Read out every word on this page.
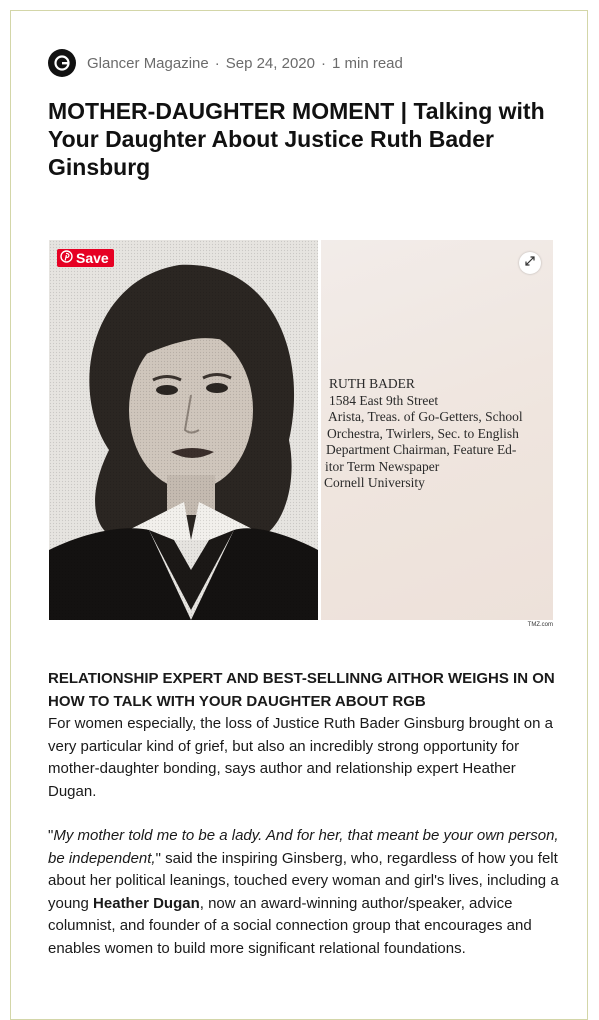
Glancer Magazine · Sep 24, 2020 · 1 min read
MOTHER-DAUGHTER MOMENT | Talking with Your Daughter About Justice Ruth Bader Ginsburg
Save
RUTH BADER
1584 East 9th Street
Arista, Treas. of Go-Getters, School
Orchestra, Twirlers, Sec. to English
Department Chairman, Feature Ed-
itor Term Newspaper
Cornell University
TMZ.com

RELATIONSHIP EXPERT AND BEST-SELLINNG AITHOR WEIGHS IN ON HOW TO TALK WITH YOUR DAUGHTER ABOUT RGB

For women especially, the loss of Justice Ruth Bader Ginsburg brought on a very particular kind of grief, but also an incredibly strong opportunity for mother-daughter bonding, says author and relationship expert Heather Dugan.

"My mother told me to be a lady. And for her, that meant be your own person, be independent," said the inspiring Ginsberg, who, regardless of how you felt about her political leanings, touched every woman and girl's lives, including a young Heather Dugan, now an award-winning author/speaker, advice columnist, and founder of a social connection group that encourages and enables women to build more significant relational foundations.
